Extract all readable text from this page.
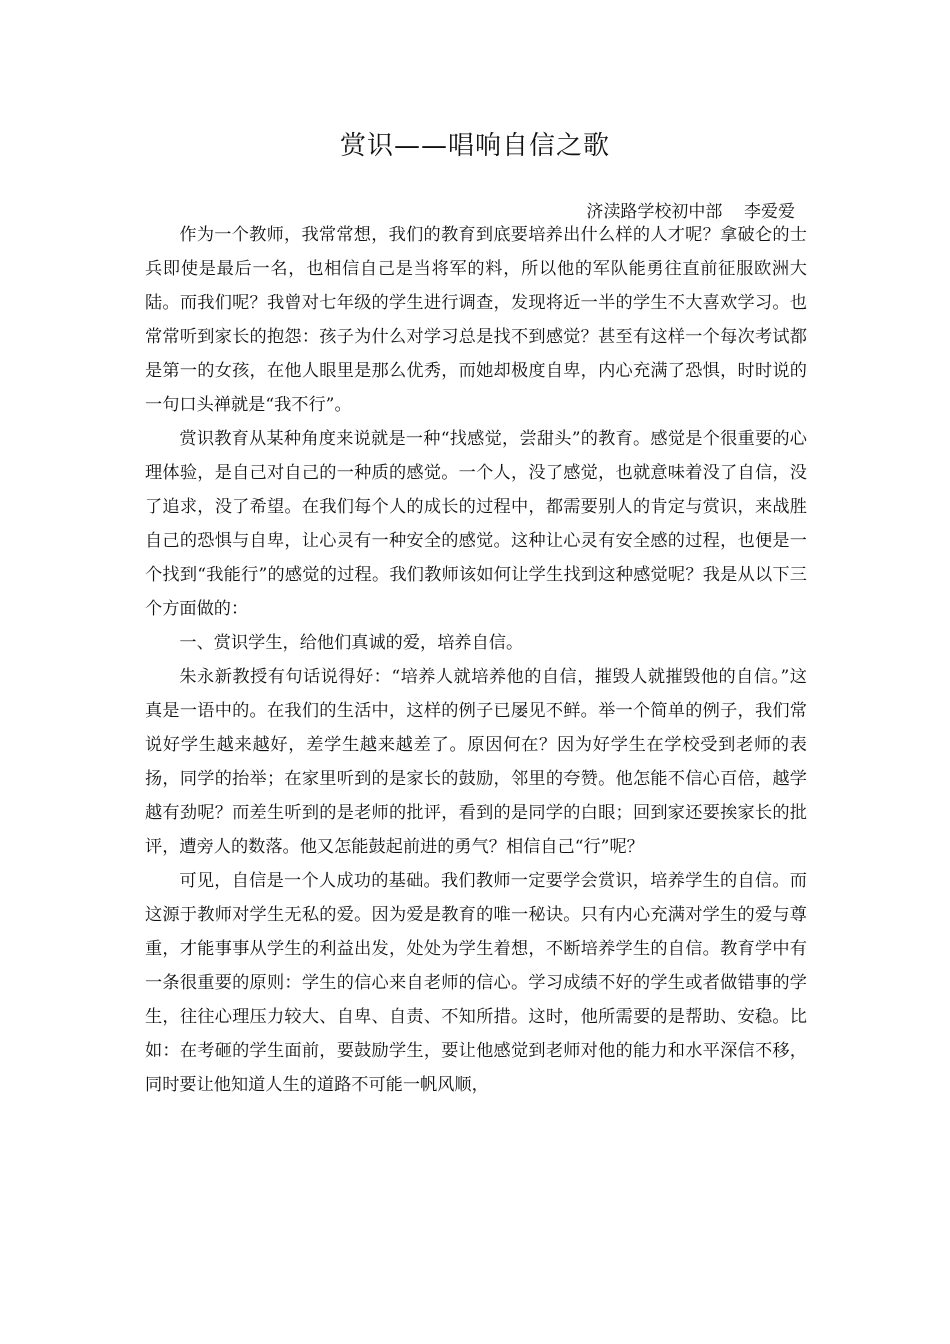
赏识——唱响自信之歌
济渎路学校初中部    李爱爱

作为一个教师，我常常想，我们的教育到底要培养出什么样的人才呢？拿破仑的士兵即使是最后一名，也相信自己是当将军的料，所以他的军队能勇往直前征服欧洲大陆。而我们呢？我曾对七年级的学生进行调查，发现将近一半的学生不大喜欢学习。也常常听到家长的抱怨：孩子为什么对学习总是找不到感觉？甚至有这样一个每次考试都是第一的女孩，在他人眼里是那么优秀，而她却极度自卑，内心充满了恐惧，时时说的一句口头禅就是“我不行”。

赏识教育从某种角度来说就是一种“找感觉，尝甜头”的教育。感觉是个很重要的心理体验，是自己对自己的一种质的感觉。一个人，没了感觉，也就意味着没了自信，没了追求，没了希望。在我们每个人的成长的过程中，都需要别人的肯定与赏识，来战胜自己的恐惧与自卑，让心灵有一种安全的感觉。这种让心灵有安全感的过程，也便是一个找到“我能行”的感觉的过程。我们教师该如何让学生找到这种感觉呢？我是从以下三个方面做的：

一、赏识学生，给他们真诚的爱，培养自信。

朱永新教授有句话说得好：“培养人就培养他的自信，摧毁人就摧毁他的自信。”这真是一语中的。在我们的生活中，这样的例子已屡见不鲜。举一个简单的例子，我们常说好学生越来越好，差学生越来越差了。原因何在？因为好学生在学校受到老师的表扬，同学的抬举；在家里听到的是家长的鼓励，邻里的夸赞。他怎能不信心百倍，越学越有劲呢？而差生听到的是老师的批评，看到的是同学的白眼；回到家还要挨家长的批评，遭旁人的数落。他又怎能鼓起前进的勇气？相信自己“行”呢？

可见，自信是一个人成功的基础。我们教师一定要学会赏识，培养学生的自信。而这源于教师对学生无私的爱。因为爱是教育的唯一秘诀。只有内心充满对学生的爱与尊重，才能事事从学生的利益出发，处处为学生着想，不断培养学生的自信。教育学中有一条很重要的原则：学生的信心来自老师的信心。学习成绩不好的学生或者做错事的学生，往往心理压力较大、自卑、自责、不知所措。这时，他所需要的是帮助、安稳。比如：在考砸的学生面前，要鼓励学生，要让他感觉到老师对他的能力和水平深信不移，同时要让他知道人生的道路不可能一帆风顺，
